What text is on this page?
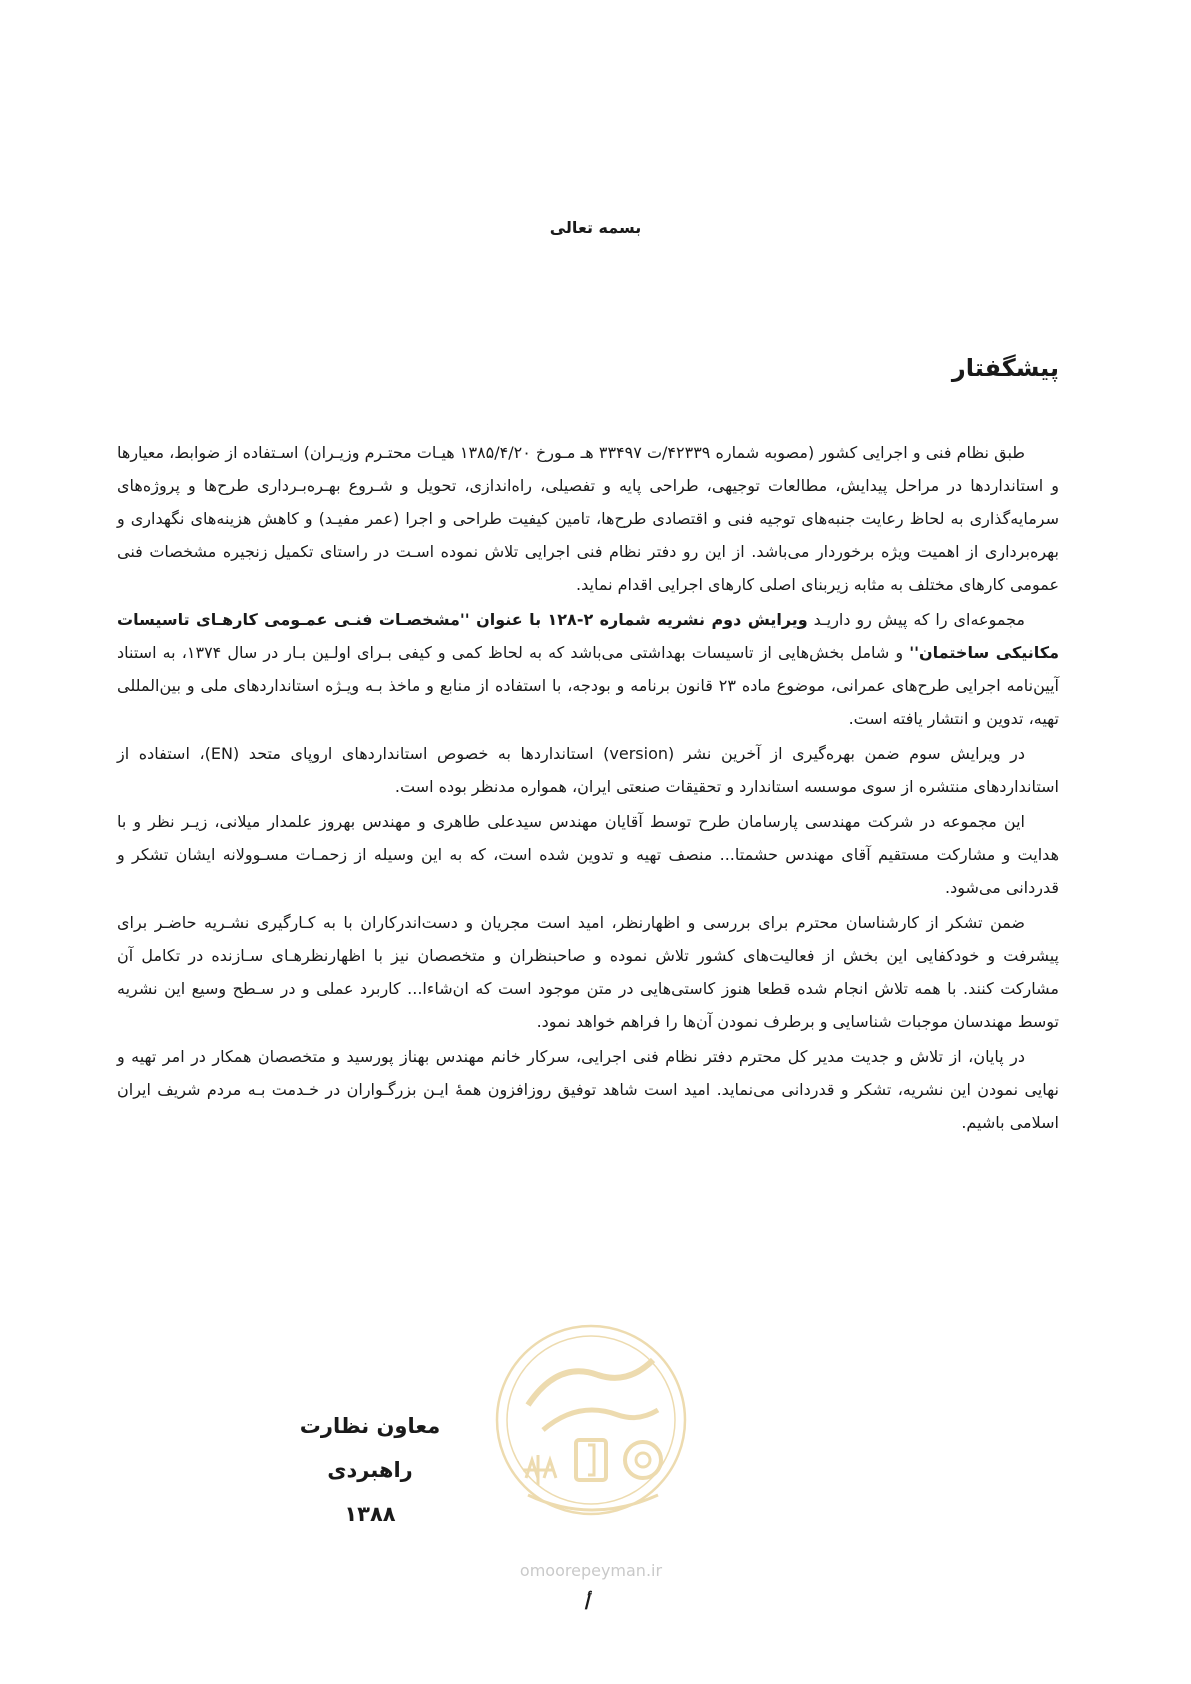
بسمه تعالی
پیشگفتار

طبق نظام فنی و اجرایی کشور (مصوبه شماره ۴۲۳۳۹/ت ۳۳۴۹۷ هـ مـورخ ۱۳۸۵/۴/۲۰ هیـات محتـرم وزیـران) اسـتفاده از ضوابط، معیارها و استانداردها در مراحل پیدایش، مطالعات توجیهی، طراحی پایه و تفصیلی، راه‌اندازی، تحویل و شـروع بهـره‌بـرداری طرح‌ها و پروژه‌های سرمایه‌گذاری به لحاظ رعایت جنبه‌های توجیه فنی و اقتصادی طرح‌ها، تامین کیفیت طراحی و اجرا (عمر مفیـد) و کاهش هزینه‌های نگهداری و بهره‌برداری از اهمیت ویژه برخوردار می‌باشد. از این رو دفتر نظام فنی اجرایی تلاش نموده اسـت در راستای تکمیل زنجیره مشخصات فنی عمومی کارهای مختلف به مثابه زیربنای اصلی کارهای اجرایی اقدام نماید.

مجموعه‌ای را که پیش رو داریـد ویرایش دوم نشریه شماره ۲-۱۲۸ با عنوان ''مشخصـات فنـی عمـومی کارهـای تاسیسات مکانیکی ساختمان'' و شامل بخش‌هایی از تاسیسات بهداشتی می‌باشد که به لحاظ کمی و کیفی بـرای اولـین بـار در سال ۱۳۷۴، به استناد آیین‌نامه اجرایی طرح‌های عمرانی، موضوع ماده ۲۳ قانون برنامه و بودجه، با استفاده از منابع و ماخذ بـه ویـژه استانداردهای ملی و بین‌المللی تهیه، تدوین و انتشار یافته است.

در ویرایش سوم ضمن بهره‌گیری از آخرین نشر (version) استانداردها به خصوص استانداردهای اروپای متحد (EN)، استفاده از استانداردهای منتشره از سوی موسسه استاندارد و تحقیقات صنعتی ایران، همواره مدنظر بوده است.

این مجموعه در شرکت مهندسی پارسامان طرح توسط آقایان مهندس سیدعلی طاهری و مهندس بهروز علمدار میلانی، زیـر نظر و با هدایت و مشارکت مستقیم آقای مهندس حشمتا... منصف تهیه و تدوین شده است، که به این وسیله از زحمـات مسـوولانه ایشان تشکر و قدردانی می‌شود.

ضمن تشکر از کارشناسان محترم برای بررسی و اظهارنظر، امید است مجریان و دست‌اندرکاران با به کـارگیری نشـریه حاضـر برای پیشرفت و خودکفایی این بخش از فعالیت‌های کشور تلاش نموده و صاحبنظران و متخصصان نیز با اظهارنظرهـای سـازنده در تکامل آن مشارکت کنند. با همه تلاش انجام شده قطعا هنوز کاستی‌هایی در متن موجود است که ان‌شاءا... کاربرد عملی و در سـطح وسیع این نشریه توسط مهندسان موجبات شناسایی و برطرف نمودن آن‌ها را فراهم خواهد نمود.

در پایان، از تلاش و جدیت مدیر کل محترم دفتر نظام فنی اجرایی، سرکار خانم مهندس بهناز پورسید و متخصصان همکار در امر تهیه و نهایی نمودن این نشریه، تشکر و قدردانی می‌نماید. امید است شاهد توفیق روزافزون همهٔ ایـن بزرگـواران در خـدمت بـه مردم شریف ایران اسلامی باشیم.

omoorepeyman.ir
معاون نظارت راهبردی
۱۳۸۸
أ
